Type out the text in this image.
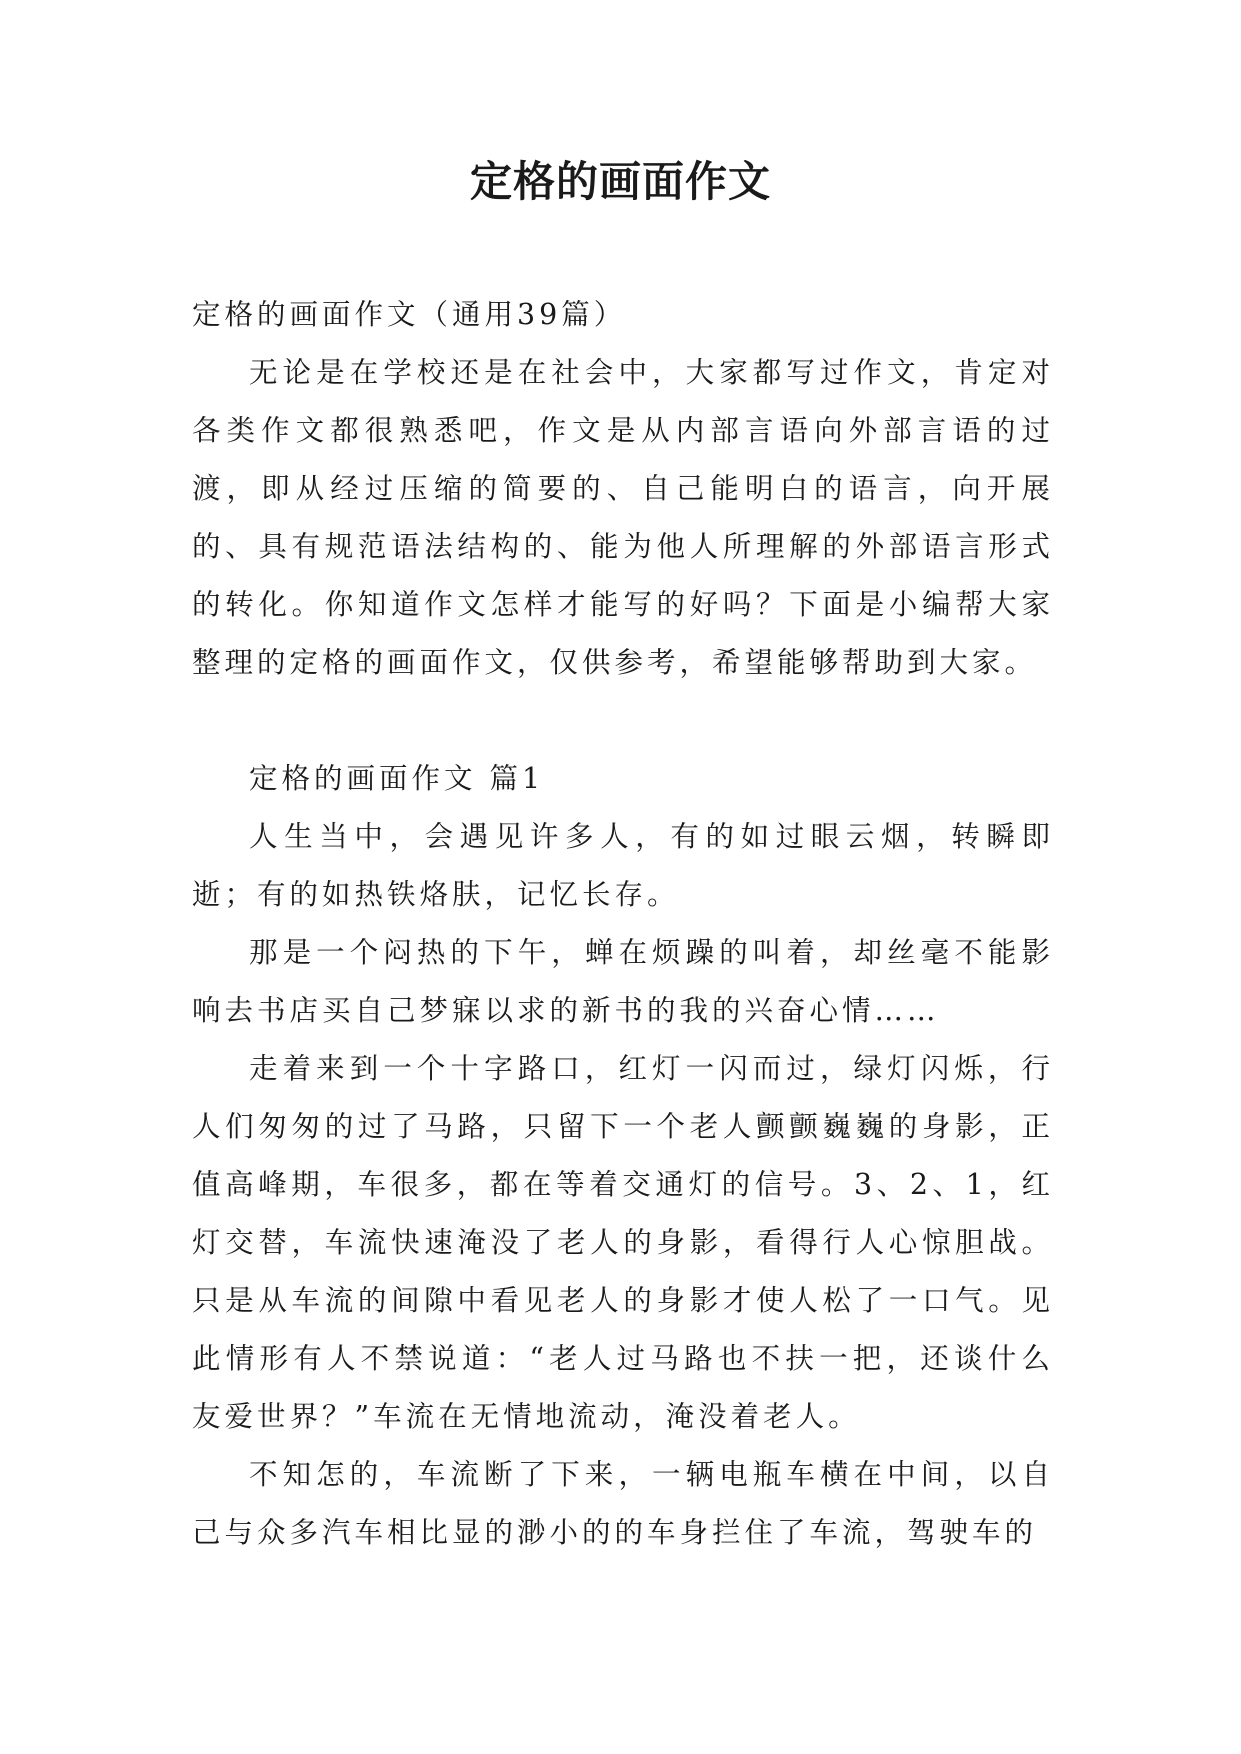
定格的画面作文

定格的画面作文（通用39篇）

无论是在学校还是在社会中，大家都写过作文，肯定对各类作文都很熟悉吧，作文是从内部言语向外部言语的过渡，即从经过压缩的简要的、自己能明白的语言，向开展的、具有规范语法结构的、能为他人所理解的外部语言形式的转化。你知道作文怎样才能写的好吗？下面是小编帮大家整理的定格的画面作文，仅供参考，希望能够帮助到大家。

定格的画面作文 篇1

人生当中，会遇见许多人，有的如过眼云烟，转瞬即逝；有的如热铁烙肤，记忆长存。

那是一个闷热的下午，蝉在烦躁的叫着，却丝毫不能影响去书店买自己梦寐以求的新书的我的兴奋心情……

走着来到一个十字路口，红灯一闪而过，绿灯闪烁，行人们匆匆的过了马路，只留下一个老人颤颤巍巍的身影，正值高峰期，车很多，都在等着交通灯的信号。3、2、1，红灯交替，车流快速淹没了老人的身影，看得行人心惊胆战。只是从车流的间隙中看见老人的身影才使人松了一口气。见此情形有人不禁说道：“老人过马路也不扶一把，还谈什么友爱世界？”车流在无情地流动，淹没着老人。

不知怎的，车流断了下来，一辆电瓶车横在中间，以自己与众多汽车相比显的渺小的的车身拦住了车流，驾驶车的
